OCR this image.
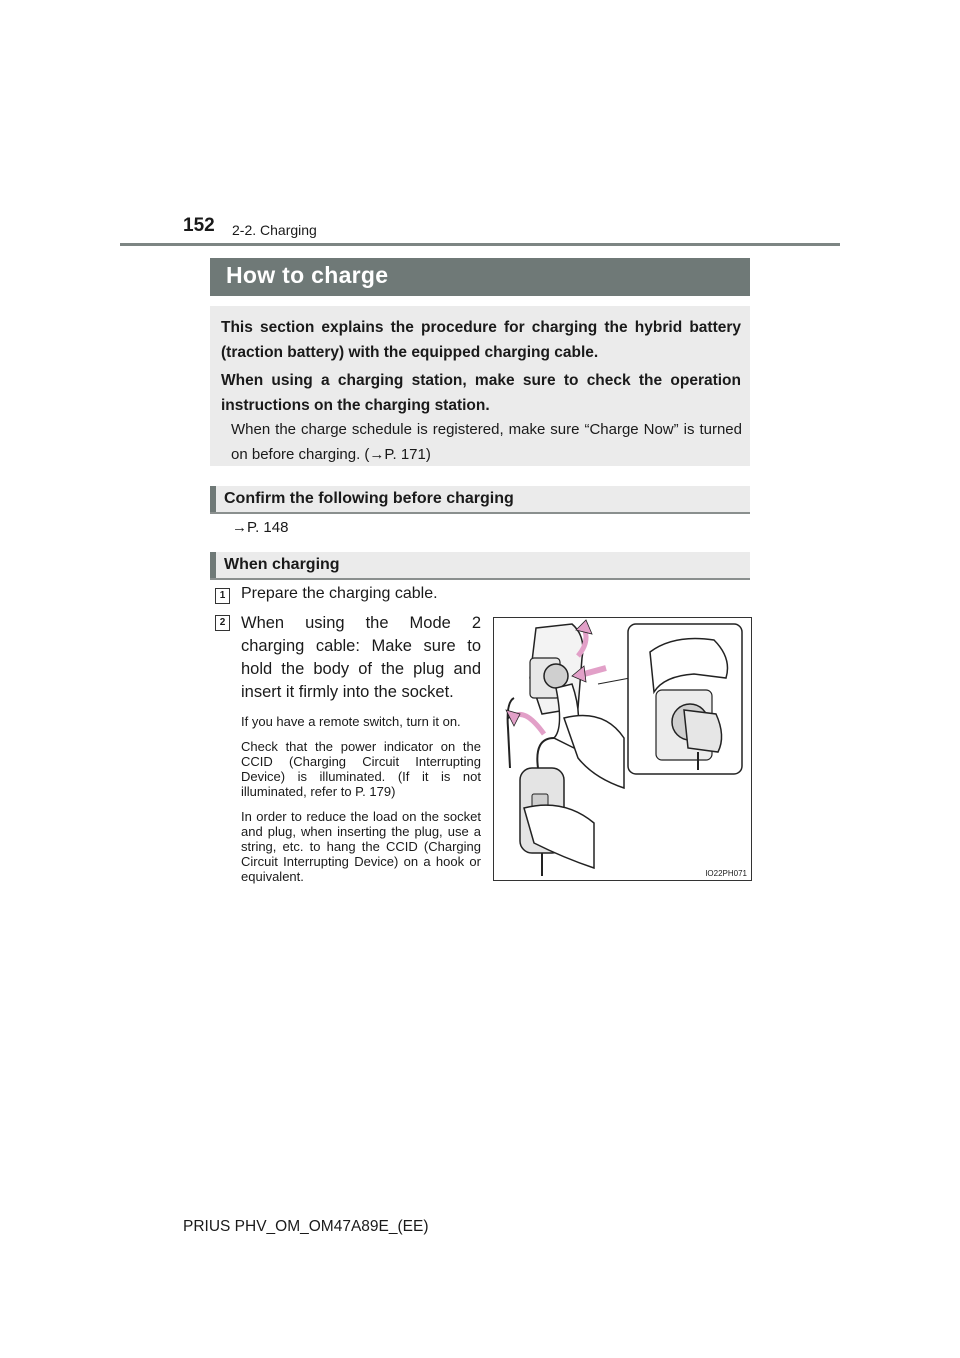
152 2-2. Charging
How to charge
This section explains the procedure for charging the hybrid battery (traction battery) with the equipped charging cable.
When using a charging station, make sure to check the operation instructions on the charging station.
When the charge schedule is registered, make sure “Charge Now” is turned on before charging. (→P. 171)
Confirm the following before charging
→P. 148
When charging
1 Prepare the charging cable.
2 When using the Mode 2 charging cable: Make sure to hold the body of the plug and insert it firmly into the socket.
If you have a remote switch, turn it on.
Check that the power indicator on the CCID (Charging Circuit Interrupting Device) is illuminated. (If it is not illuminated, refer to P. 179)
In order to reduce the load on the socket and plug, when inserting the plug, use a string, etc. to hang the CCID (Charging Circuit Interrupting Device) on a hook or equivalent.	IO22PH071
PRIUS PHV_OM_OM47A89E_(EE)
